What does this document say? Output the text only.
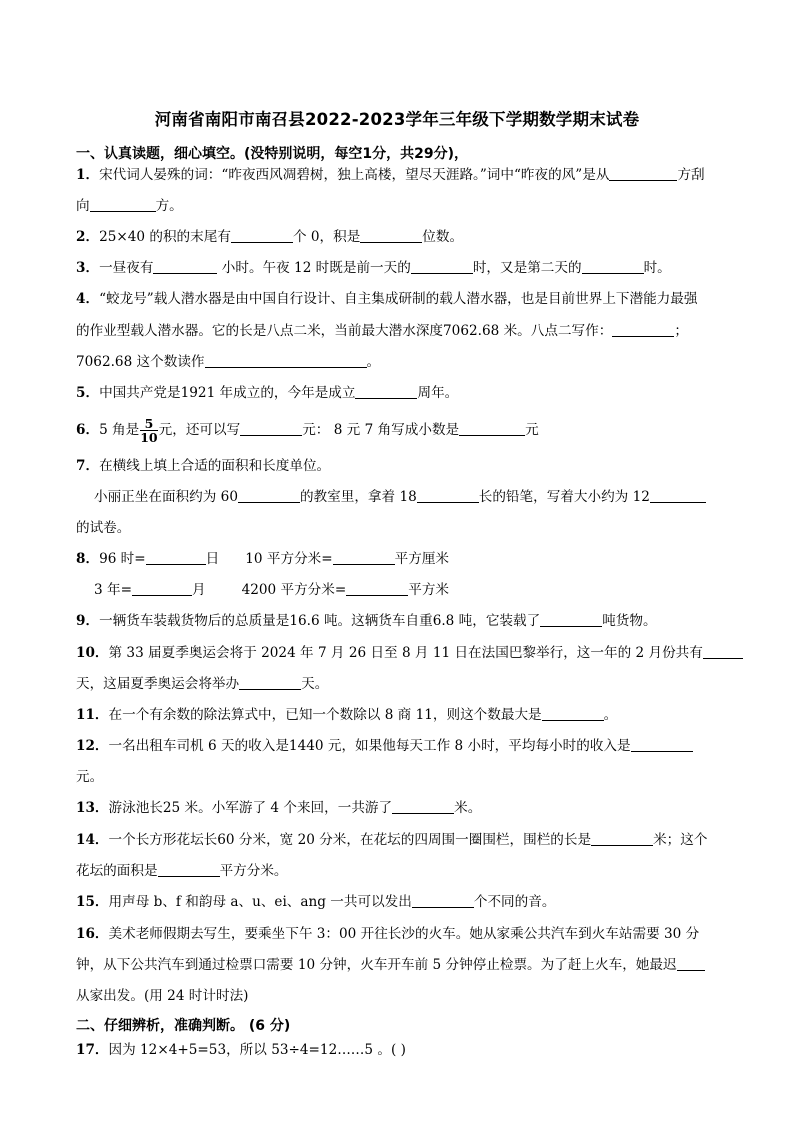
河南省南阳市南召县2022-2023学年三年级下学期数学期末试卷
一、认真读题，细心填空。(没特别说明，每空1分，共29分)，
1．宋代词人晏殊的词：“昨夜西风凋碧树，独上高楼，望尽天涯路。”词中“昨夜的风”是从	方刮
向	方。
2．25×40 的积的末尾有	个 0，积是	位数。
3．一昼夜有	小时。午夜 12 时既是前一天的	时，又是第二天的	时。
4．“蛟龙号”载人潜水器是由中国自行设计、自主集成研制的载人潜水器，也是目前世界上下潜能力最强
的作业型载人潜水器。它的长是八点二米，当前最大潜水深度7062.68 米。八点二写作：	；
7062.68 这个数读作	。
5．中国共产党是1921 年成立的，今年是成立	周年。
6．5 角是 $\frac{5}{10}$ 元，还可以写	元： 8 元 7 角写成小数是	元
7．在横线上填上合适的面积和长度单位。
小丽正坐在面积约为 60	的教室里，拿着 18	长的铅笔，写着大小约为 12
的试卷。
8．96 时=	日 10 平方分米=	平方厘米
3 年=	月	4200 平方分米=	平方米
9．一辆货车装载货物后的总质量是16.6 吨。这辆货车自重6.8 吨，它装载了	吨货物。
10．第 33 届夏季奥运会将于 2024 年 7 月 26 日至 8 月 11 日在法国巴黎举行，这一年的 2 月份共有
天，这届夏季奥运会将举办	天。
11．在一个有余数的除法算式中，已知一个数除以 8 商 11，则这个数最大是	。
12．一名出租车司机 6 天的收入是1440 元，如果他每天工作 8 小时，平均每小时的收入是
元。
13．游泳池长25 米。小军游了 4 个来回，一共游了	米。
14．一个长方形花坛长60 分米，宽 20 分米，在花坛的四周围一圈围栏，围栏的长是	米；这个
花坛的面积是	平方分米。
15．用声母 b、f 和韵母 a、u、ei、ang 一共可以发出	个不同的音。
16．美术老师假期去写生，要乘坐下午 3：00 开往长沙的火车。她从家乘公共汽车到火车站需要 30 分
钟，从下公共汽车到通过检票口需要 10 分钟，火车开车前 5 分钟停止检票。为了赶上火车，她最迟
从家出发。(用 24 时计时法)
二、仔细辨析，准确判断。 (6 分)
17．因为 12×4+5=53，所以 53÷4=12……5 。( )
